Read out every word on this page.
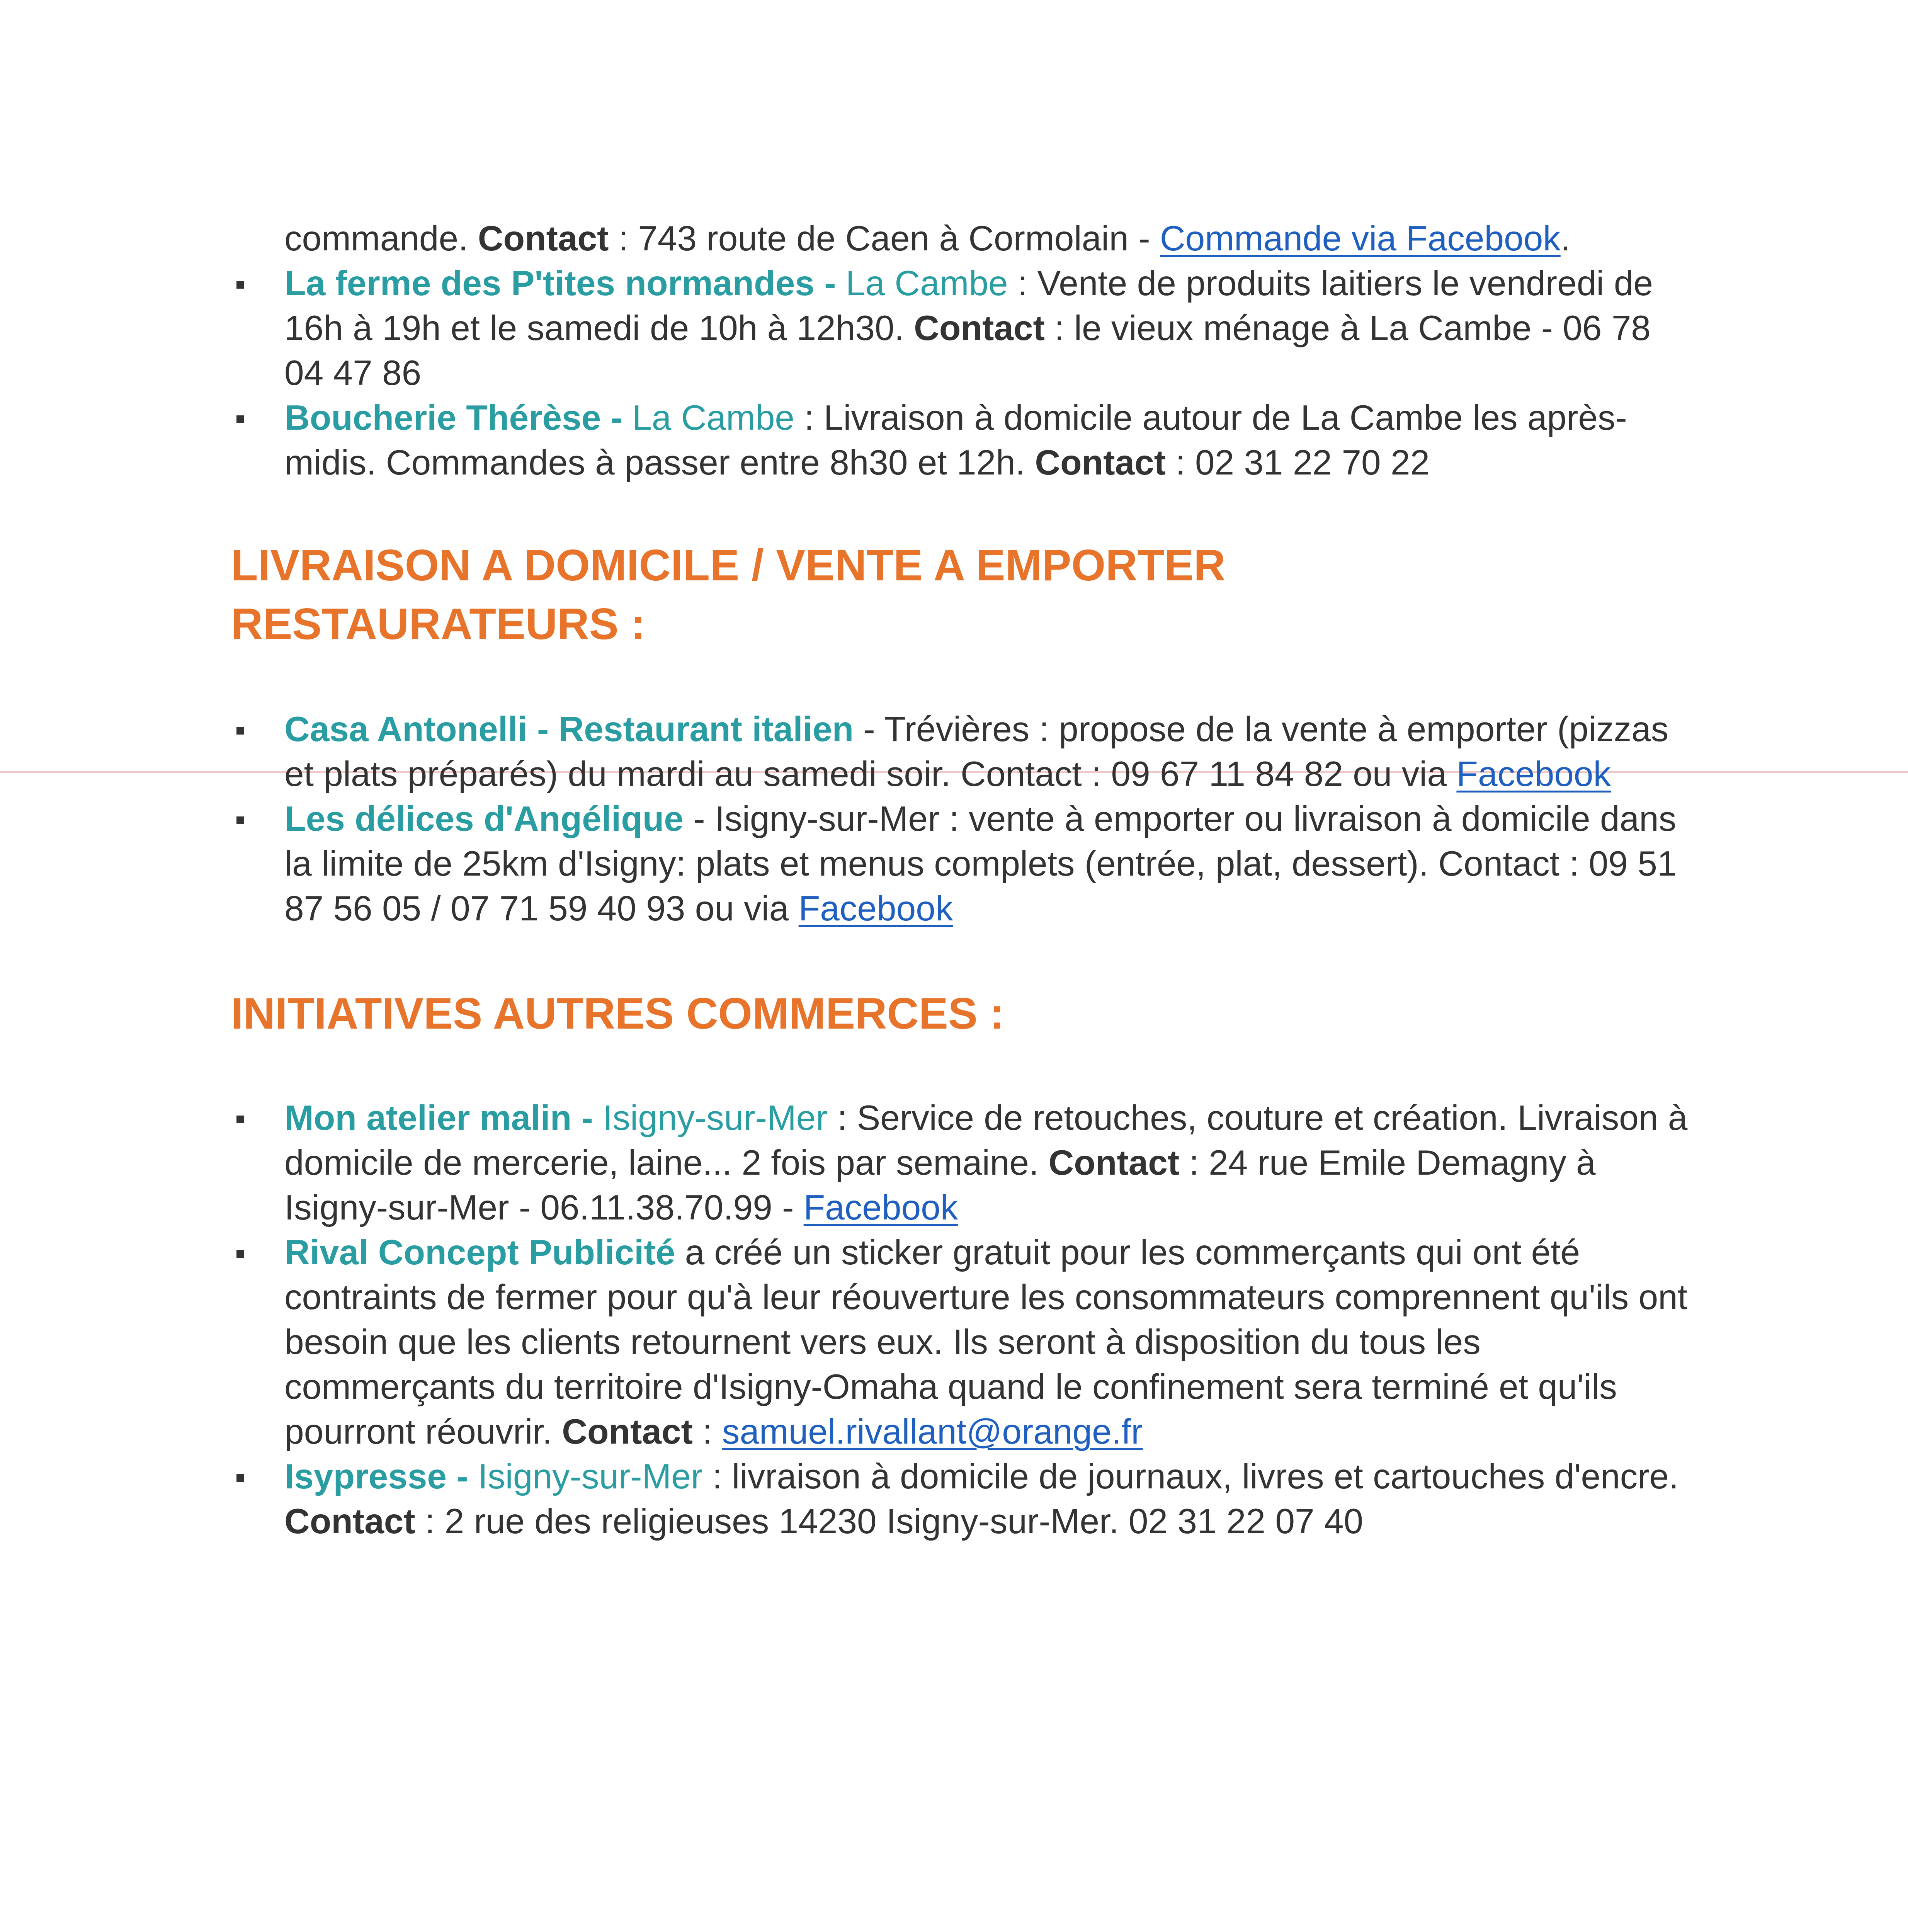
commande. Contact : 743 route de Caen à Cormolain - Commande via Facebook.

La ferme des P'tites normandes - La Cambe : Vente de produits laitiers le vendredi de 16h à 19h et le samedi de 10h à 12h30. Contact : le vieux ménage à La Cambe - 06 78 04 47 86
Boucherie Thérèse - La Cambe : Livraison à domicile autour de La Cambe les après-midis. Commandes à passer entre 8h30 et 12h. Contact : 02 31 22 70 22
LIVRAISON A DOMICILE / VENTE A EMPORTER
RESTAURATEURS :
Casa Antonelli - Restaurant italien - Trévières : propose de la vente à emporter (pizzas et plats préparés) du mardi au samedi soir. Contact : 09 67 11 84 82 ou via Facebook
Les délices d'Angélique - Isigny-sur-Mer : vente à emporter ou livraison à domicile dans la limite de 25km d'Isigny: plats et menus complets (entrée, plat, dessert). Contact : 09 51 87 56 05 / 07 71 59 40 93 ou via Facebook
INITIATIVES AUTRES COMMERCES :
Mon atelier malin - Isigny-sur-Mer : Service de retouches, couture et création. Livraison à domicile de mercerie, laine... 2 fois par semaine. Contact : 24 rue Emile Demagny à Isigny-sur-Mer - 06.11.38.70.99 - Facebook
Rival Concept Publicité a créé un sticker gratuit pour les commerçants qui ont été contraints de fermer pour qu'à leur réouverture les consommateurs comprennent qu'ils ont besoin que les clients retournent vers eux. Ils seront à disposition du tous les commerçants du territoire d'Isigny-Omaha quand le confinement sera terminé et qu'ils pourront réouvrir. Contact : samuel.rivallant@orange.fr
Isypresse - Isigny-sur-Mer : livraison à domicile de journaux, livres et cartouches d'encre. Contact : 2 rue des religieuses 14230 Isigny-sur-Mer. 02 31 22 07 40
